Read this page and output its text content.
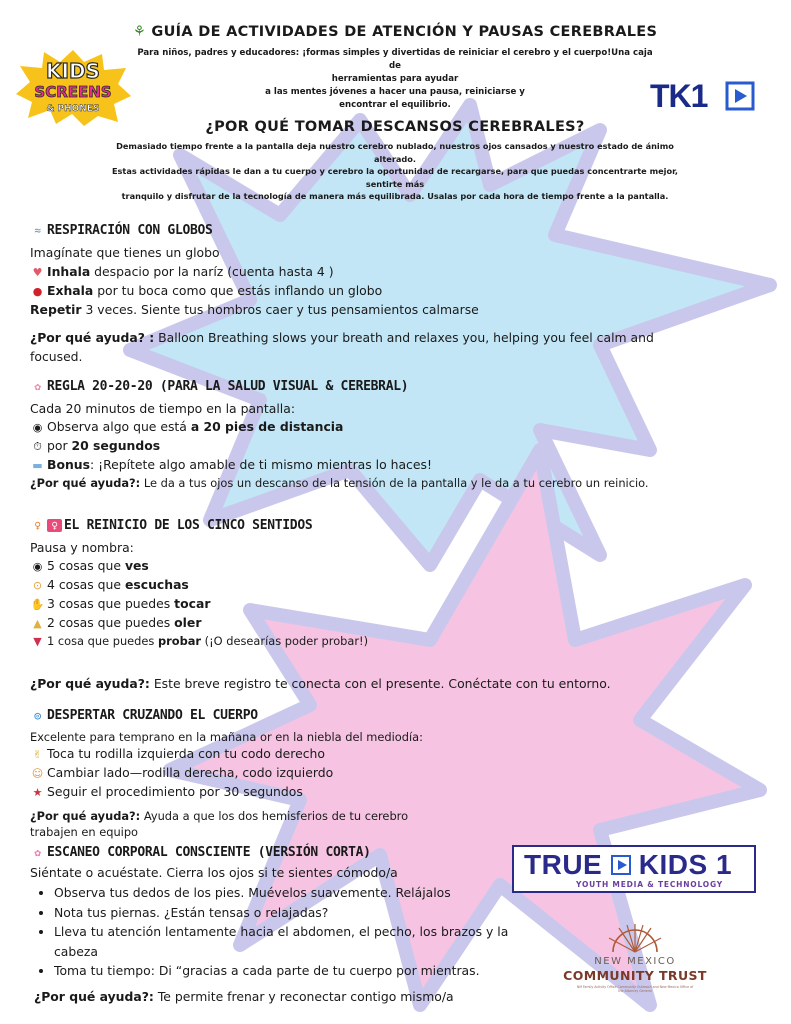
KIDS
SCREENS
& PHONES	TK1
⚘ GUÍA DE ACTIVIDADES DE ATENCIÓN Y PAUSAS CEREBRALES
Para niños, padres y educadores: ¡formas simples y divertidas de reiniciar el cerebro y el cuerpo!Una caja de
herramientas para ayudar
a las mentes jóvenes a hacer una pausa, reiniciarse y
encontrar el equilibrio.
¿POR QUÉ TOMAR DESCANSOS CEREBRALES?
Demasiado tiempo frente a la pantalla deja nuestro cerebro nublado, nuestros ojos cansados y nuestro estado de ánimo alterado.
Estas actividades rápidas le dan a tu cuerpo y cerebro la oportunidad de recargarse, para que puedas concentrarte mejor, sentirte más
tranquilo y disfrutar de la tecnología de manera más equilibrada. Usalas por cada hora de tiempo frente a la pantalla.
≈ RESPIRACIÓN CON GLOBOS
Imagínate que tienes un globo
♥ Inhala despacio por la naríz (cuenta hasta 4 )
● Exhala por tu boca como que estás inflando un globo
Repetir 3 veces. Siente tus hombros caer y tus pensamientos calmarse
¿Por qué ayuda? : Balloon Breathing slows your breath and relaxes you, helping you feel calm and focused.
✿ REGLA 20-20-20 (PARA LA SALUD VISUAL & CEREBRAL)
Cada 20 minutos de tiempo en la pantalla:
◉ Observa algo que está a 20 pies de distancia
⏱ por 20 segundos
▬ Bonus: ¡Repítete algo amable de ti mismo mientras lo haces!
¿Por qué ayuda?: Le da a tus ojos un descanso de la tensión de la pantalla y le da a tu cerebro un reinicio.
♀ ♀ EL REINICIO DE LOS CINCO SENTIDOS
Pausa y nombra:
◉ 5 cosas que ves
⊙ 4 cosas que escuchas
✋ 3 cosas que puedes tocar
▲ 2 cosas que puedes oler
▼ 1 cosa que puedes probar (¡O desearías poder probar!)
¿Por qué ayuda?: Este breve registro te conecta con el presente. Conéctate con tu entorno.
◎ DESPERTAR CRUZANDO EL CUERPO
Excelente para temprano en la mañana or en la niebla del mediodía:
✌ Toca tu rodilla izquierda con tu codo derecho
☺ Cambiar lado—rodilla derecha, codo izquierdo
★ Seguir el procedimiento por 30 segundos
¿Por qué ayuda?: Ayuda a que los dos hemisferios de tu cerebro
trabajen en equipo
✿ ESCANEO CORPORAL CONSCIENTE (VERSIÓN CORTA)
Siéntate o acuéstate. Cierra los ojos si te sientes cómodo/a
• Observa tus dedos de los pies. Muévelos suavemente. Relájalos
• Nota tus piernas. ¿Están tensas o relajadas?
• Lleva tu atención lentamente hacia el abdomen, el pecho, los brazos y la cabeza
• Toma tu tiempo: Di “gracias a cada parte de tu cuerpo por mientras.
¿Por qué ayuda?: Te permite frenar y reconectar contigo mismo/a
TRUE KIDS 1
YOUTH MEDIA & TECHNOLOGY
NEW MEXICO
COMMUNITY TRUST
NM Family Activity Office Community Outreach and New Mexico Office of the Attorney General
